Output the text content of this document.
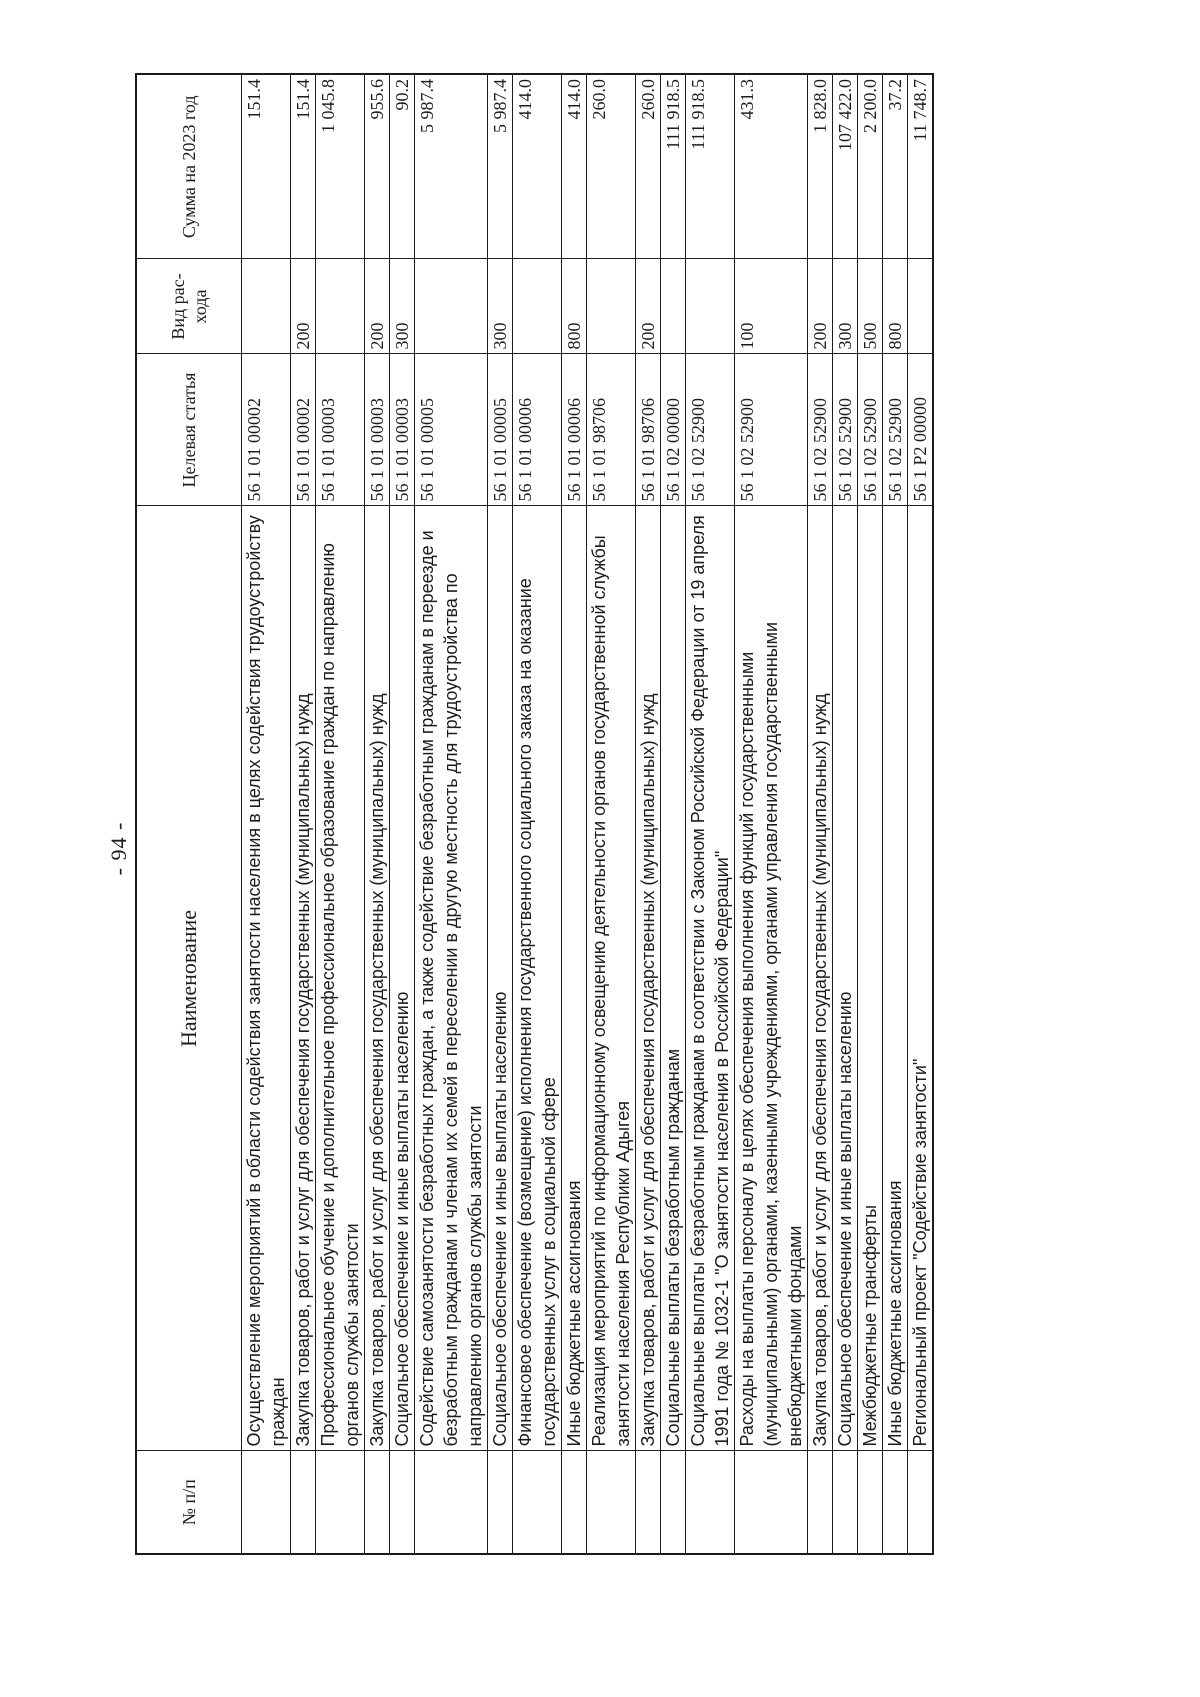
- 94 -
№ п/п	Наименование	Целевая статья	Вид рас-хода	Сумма на 2023 год
	Осуществление мероприятий в области содействия занятости населения в целях содействия трудоустройству граждан	56 1 01 00002		151.4
	Закупка товаров, работ и услуг для обеспечения государственных (муниципальных) нужд	56 1 01 00002	200	151.4
	Профессиональное обучение и дополнительное профессиональное образование граждан по направлению органов службы занятости	56 1 01 00003		1 045.8
	Закупка товаров, работ и услуг для обеспечения государственных (муниципальных) нужд	56 1 01 00003	200	955.6
	Социальное обеспечение и иные выплаты населению	56 1 01 00003	300	90.2
	Содействие самозанятости безработных граждан, а также содействие безработным гражданам в переезде и безработным гражданам и членам их семей в переселении в другую местность для трудоустройства по направлению органов службы занятости	56 1 01 00005		5 987.4
	Социальное обеспечение и иные выплаты населению	56 1 01 00005	300	5 987.4
	Финансовое обеспечение (возмещение) исполнения государственного социального заказа на оказание государственных услуг в социальной сфере	56 1 01 00006		414.0
	Иные бюджетные ассигнования	56 1 01 00006	800	414.0
	Реализация мероприятий по информационному освещению деятельности органов государственной службы занятости населения Республики Адыгея	56 1 01 98706		260.0
	Закупка товаров, работ и услуг для обеспечения государственных (муниципальных) нужд	56 1 01 98706	200	260.0
	Социальные выплаты безработным гражданам	56 1 02 00000		111 918.5
	Социальные выплаты безработным гражданам в соответствии с Законом Российской Федерации от 19 апреля 1991 года № 1032-1 "О занятости населения в Российской Федерации"	56 1 02 52900		111 918.5
	Расходы на выплаты персоналу в целях обеспечения выполнения функций государственными (муниципальными) органами, казенными учреждениями, органами управления государственными внебюджетными фондами	56 1 02 52900	100	431.3
	Закупка товаров, работ и услуг для обеспечения государственных (муниципальных) нужд	56 1 02 52900	200	1 828.0
	Социальное обеспечение и иные выплаты населению	56 1 02 52900	300	107 422.0
	Межбюджетные трансферты	56 1 02 52900	500	2 200.0
	Иные бюджетные ассигнования	56 1 02 52900	800	37.2
	Региональный проект "Содействие занятости"	56 1 P2 00000		11 748.7
